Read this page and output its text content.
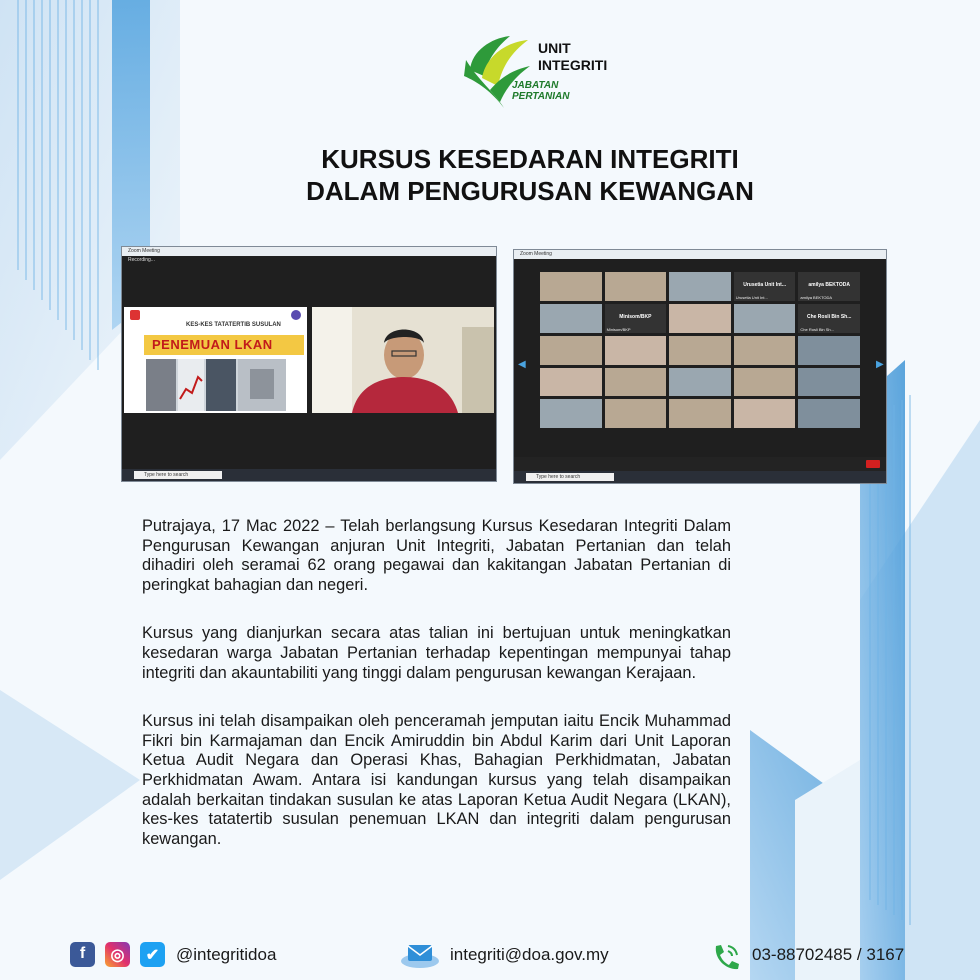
UNIT
INTEGRITI
JABATAN
PERTANIAN
KURSUS KESEDARAN INTEGRITI
DALAM PENGURUSAN KEWANGAN
Zoom Meeting
Recording...
KES-KES TATATERTIB SUSULAN
PENEMUAN LKAN
Type here to search
Zoom Meeting
◀	▶
Urusetia Unit Int...
Urusetia Unit Int...
amilya BEKTODA
amilya BEKTODA
Minisom/BKP
Minisom/BKP
Che Rosli Bin Sh...
Che Rosli Bin Sh...
Type here to search

Putrajaya, 17 Mac 2022 – Telah berlangsung Kursus Kesedaran Integriti Dalam Pengurusan Kewangan anjuran Unit Integriti, Jabatan Pertanian dan telah dihadiri oleh seramai 62 orang pegawai dan kakitangan Jabatan Pertanian di peringkat bahagian dan negeri.

Kursus yang dianjurkan secara atas talian ini bertujuan untuk meningkatkan kesedaran warga Jabatan Pertanian terhadap kepentingan mempunyai tahap integriti dan akauntabiliti yang tinggi dalam pengurusan kewangan Kerajaan.

Kursus ini telah disampaikan oleh penceramah jemputan iaitu Encik Muhammad Fikri bin Karmajaman dan Encik Amiruddin bin Abdul Karim dari Unit Laporan Ketua Audit Negara dan Operasi Khas, Bahagian Perkhidmatan, Jabatan Perkhidmatan Awam. Antara isi kandungan kursus yang telah disampaikan adalah berkaitan tindakan susulan ke atas Laporan Ketua Audit Negara (LKAN), kes-kes tatatertib susulan penemuan LKAN dan integriti dalam pengurusan kewangan.

f	◎	✔ @integritidoa	integriti@doa.gov.my	03-88702485 / 3167
